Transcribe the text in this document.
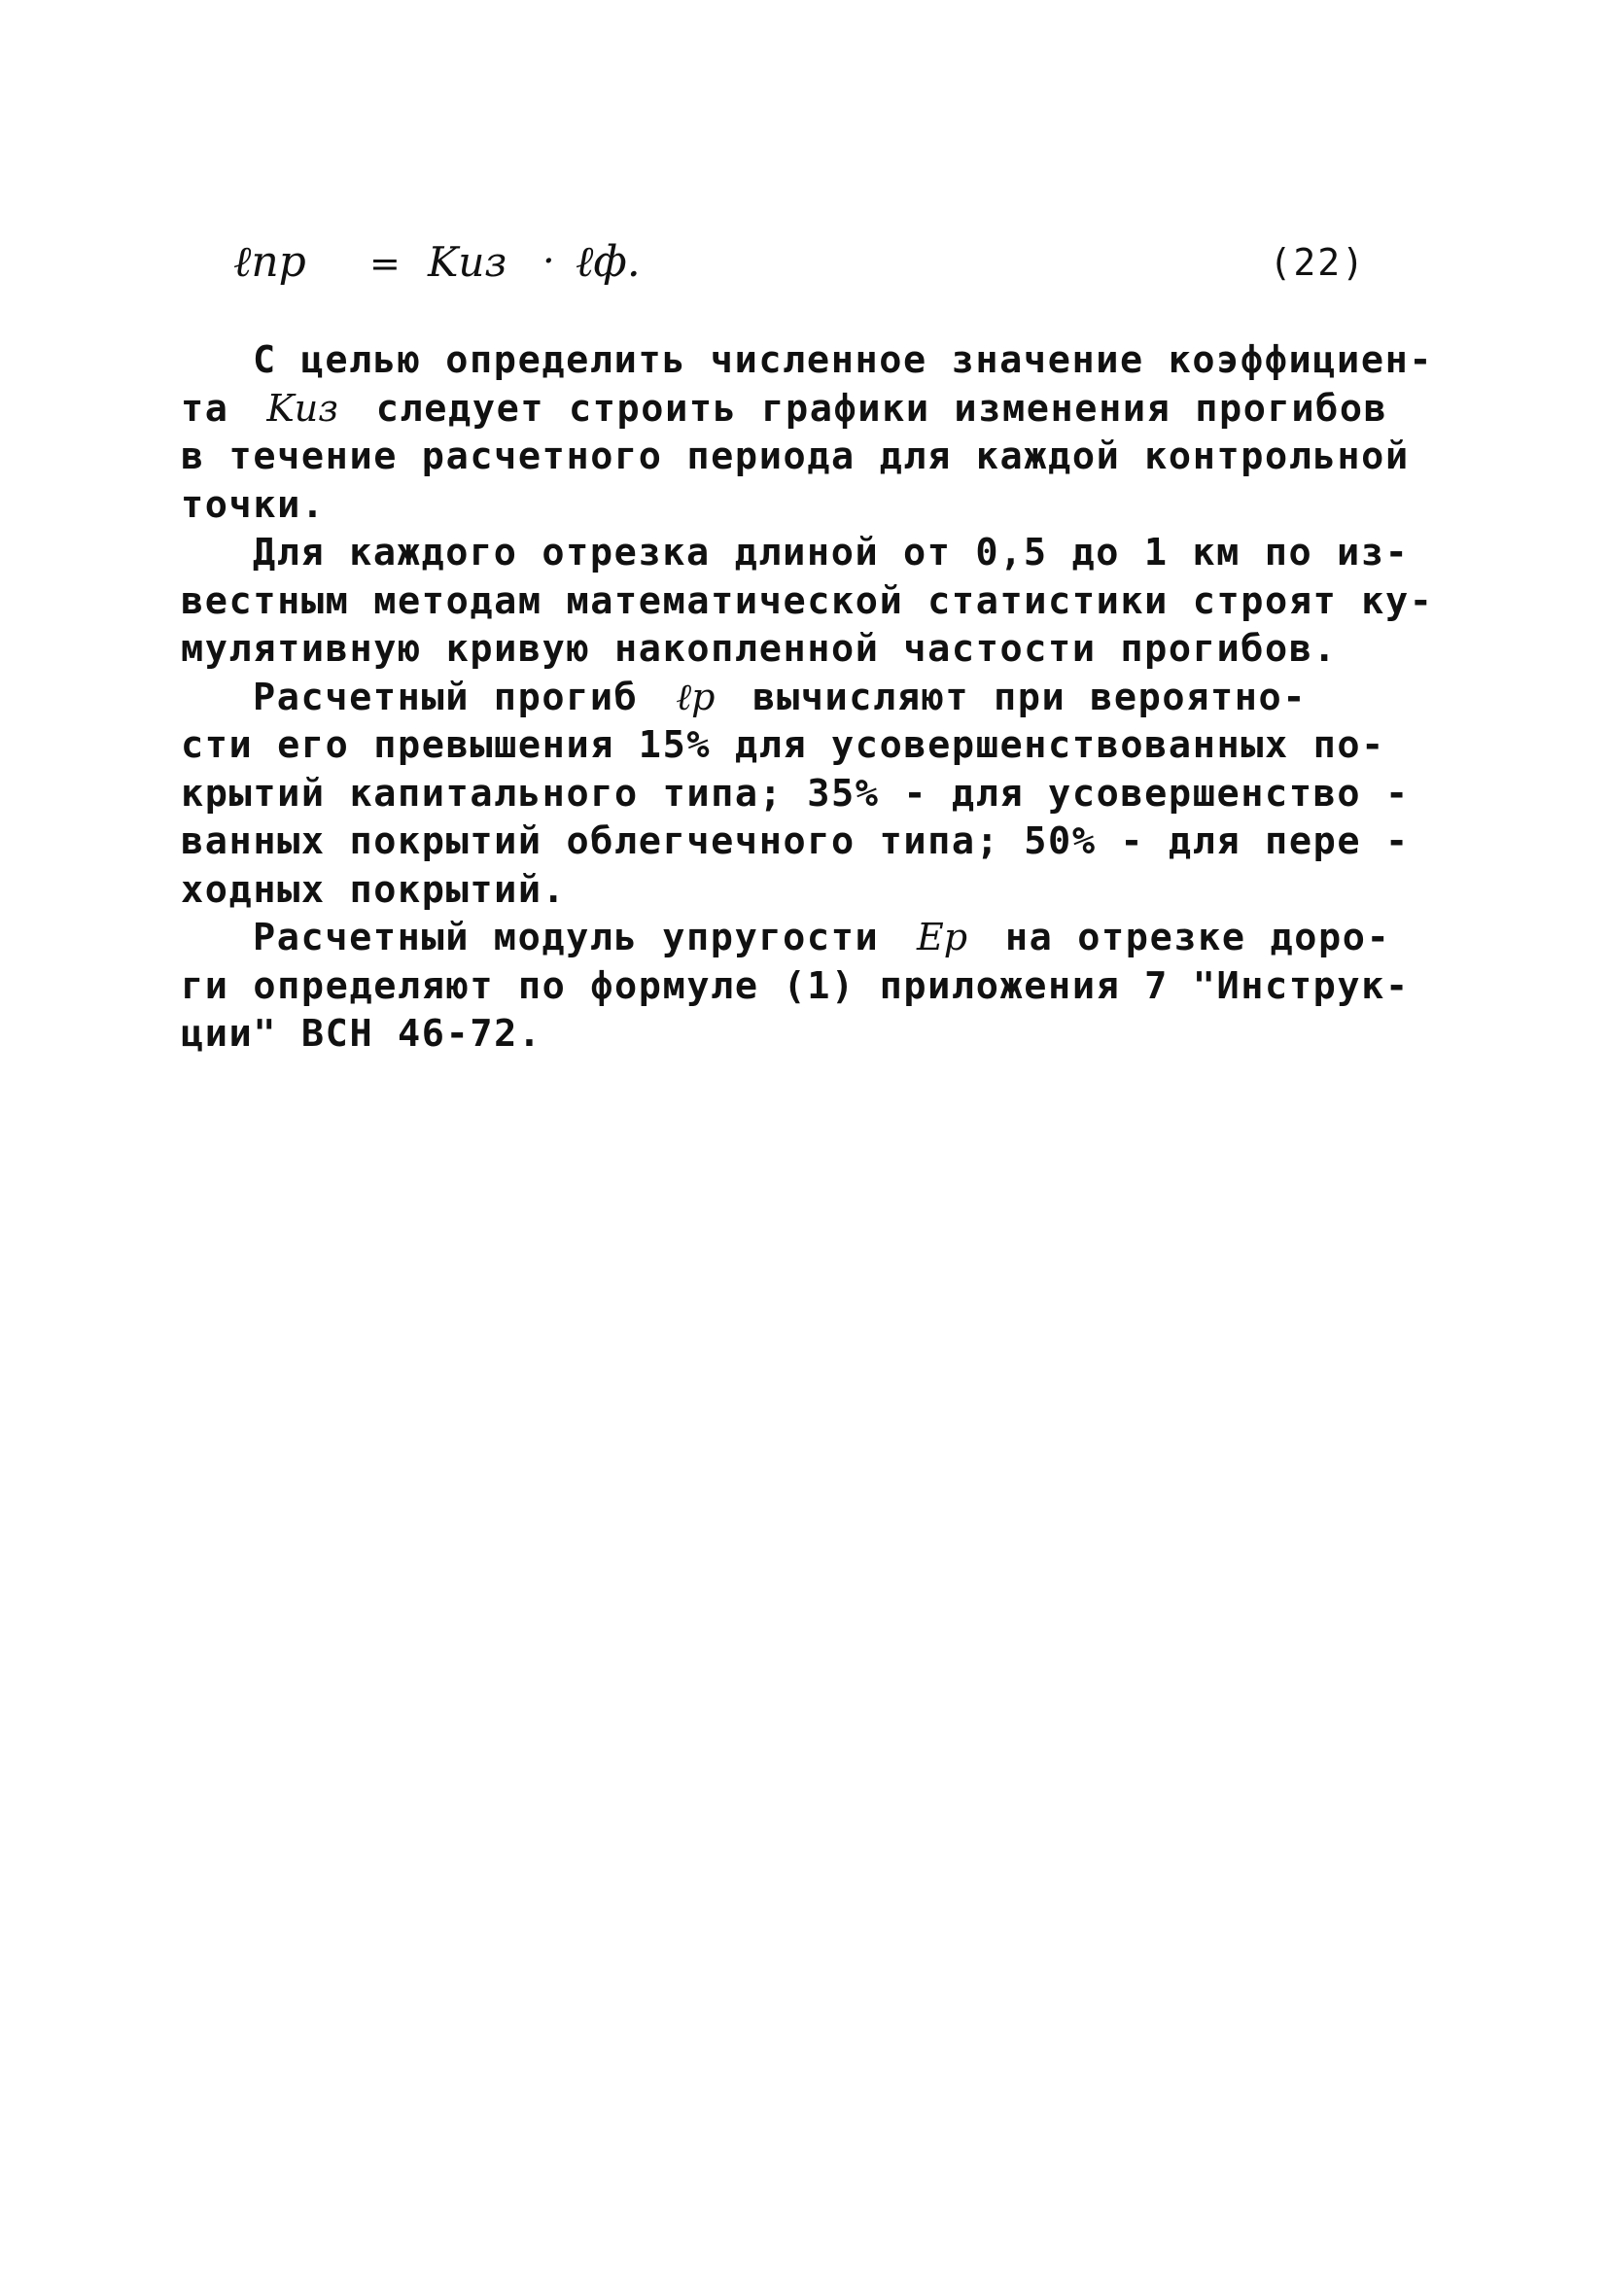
ℓпр = Kиз · ℓф.	(22)

С целью определить численное значение коэффициен-
та Kиз следует строить графики изменения прогибов
в течение расчетного периода для каждой контрольной
точки.

Для каждого отрезка длиной от 0,5 до 1 км по из-
вестным методам математической статистики строят ку-
мулятивную кривую накопленной частости прогибов.

Расчетный прогиб ℓр вычисляют при вероятно-
сти его превышения 15% для усовершенствованных по-
крытий капитального типа; 35% - для усовершенство -
ванных покрытий облегчечного типа; 50% - для пере -
ходных покрытий.

Расчетный модуль упругости Eр на отрезке доро-
ги определяют по формуле (1) приложения 7 "Инструк-
ции" ВСН 46-72.
